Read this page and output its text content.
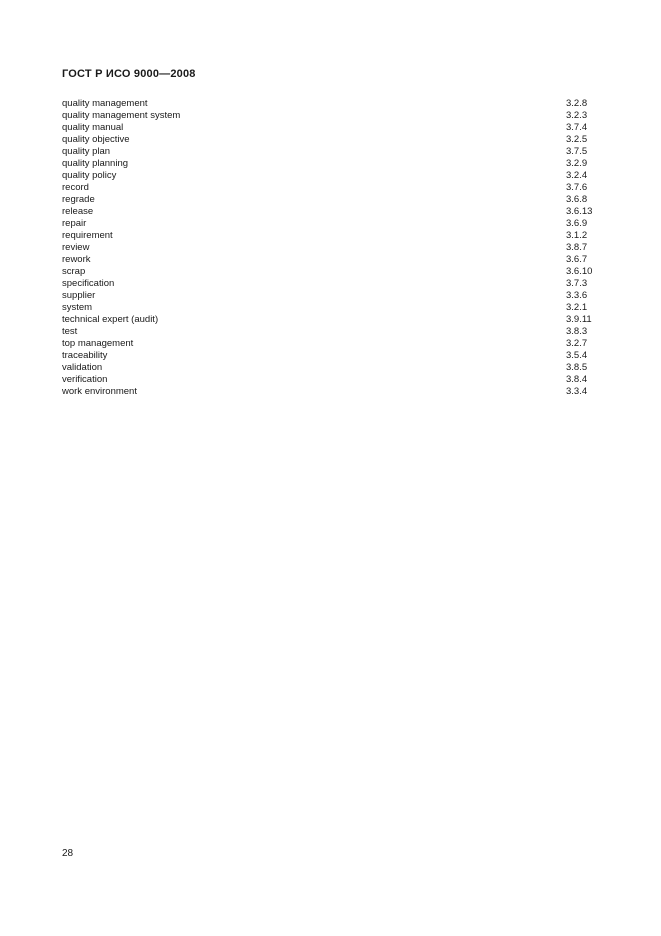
ГОСТ Р ИСО 9000—2008
quality management	3.2.8
quality management system	3.2.3
quality manual	3.7.4
quality objective	3.2.5
quality plan	3.7.5
quality planning	3.2.9
quality policy	3.2.4
record	3.7.6
regrade	3.6.8
release	3.6.13
repair	3.6.9
requirement	3.1.2
review	3.8.7
rework	3.6.7
scrap	3.6.10
specification	3.7.3
supplier	3.3.6
system	3.2.1
technical expert (audit)	3.9.11
test	3.8.3
top management	3.2.7
traceability	3.5.4
validation	3.8.5
verification	3.8.4
work environment	3.3.4

28
